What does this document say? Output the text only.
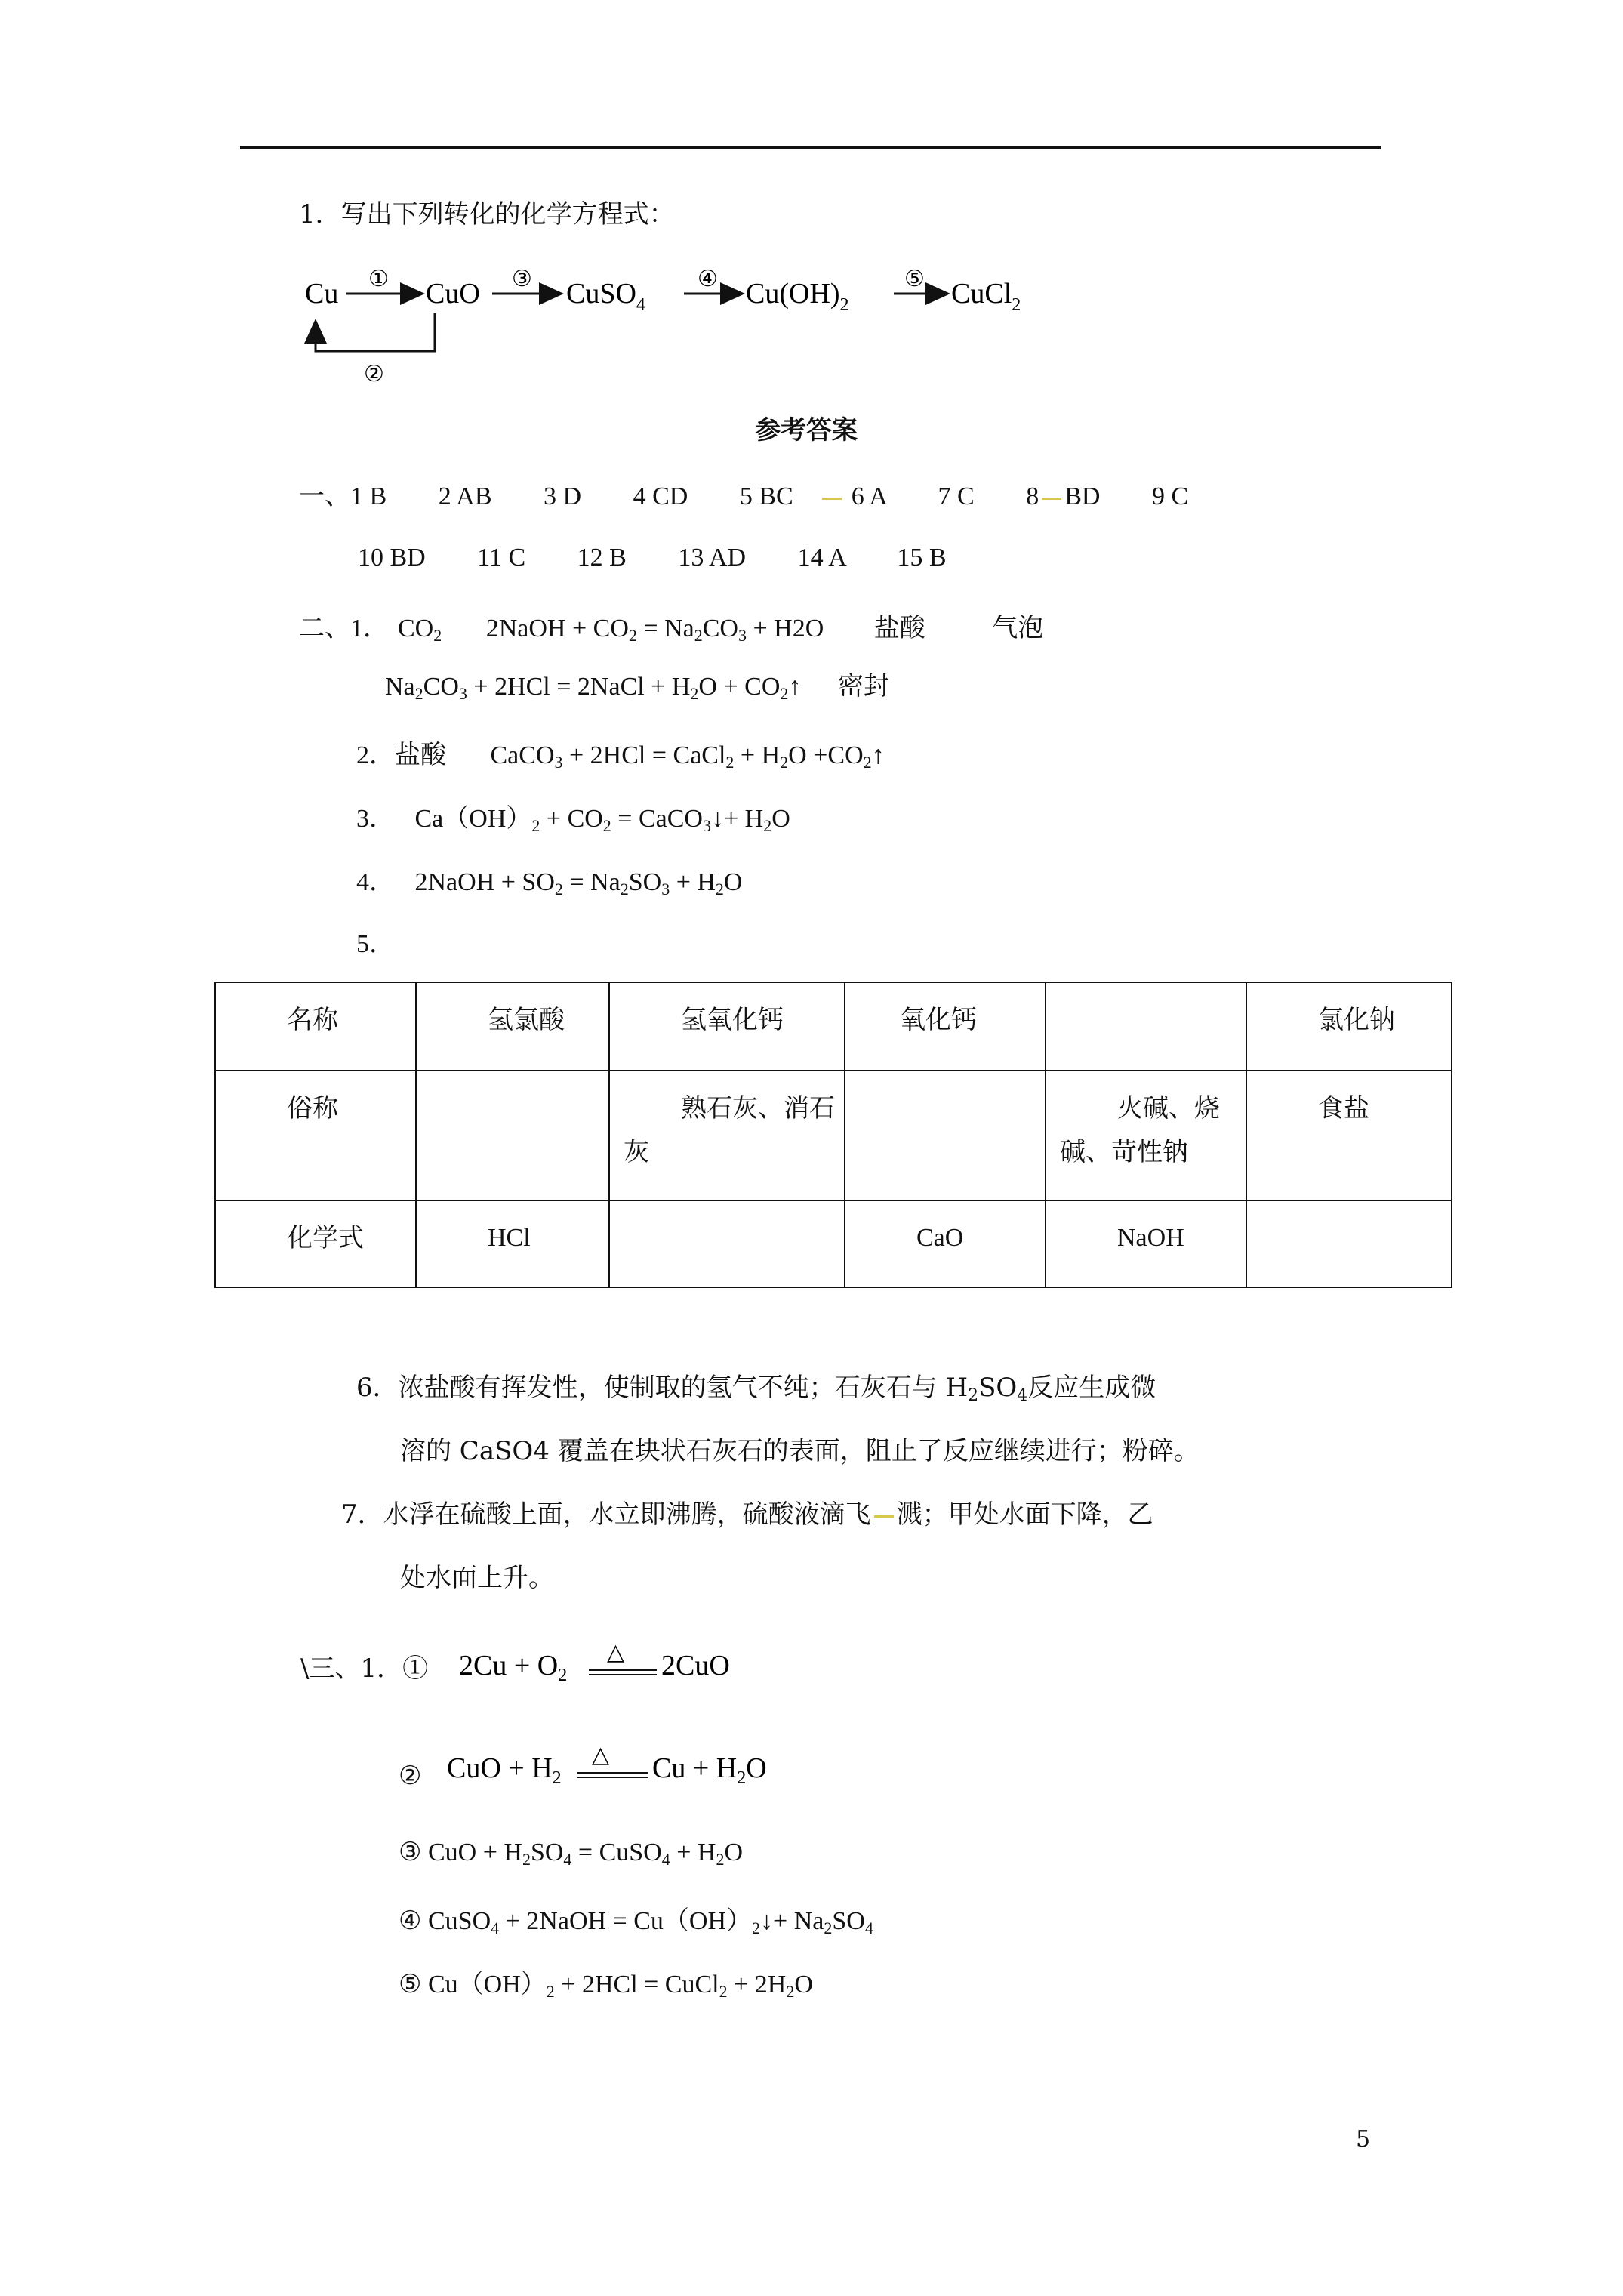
1．写出下列转化的化学方程式：
Cu ① CuO ③ CuSO$_4$
④ $Cu(OH)_2$
⑤ CuCl$_2$
②
参考答案
一、1 B 2 AB 3 D 4 CD 5 BC 6 A 7 C 8 BD 9 C
10 BD 11 C 12 B 13 AD 14 A 15 B
二、1． $CO_2$ 2NaOH + $CO_2 = Na_2CO_3 + H2O$ 盐酸	气泡
$Na_2CO_3 + 2HCl$ = 2NaCl + $H_2O$ + $CO_2↑$ 密封
2．盐酸 CaCO$_3$ + 2HCl = CaCl$_2$ + $H_2O$ $+CO_2↑$
3． $Ca(OH)_2 + CO_2$ = CaCO$_3$↓+ $H_2O$
4． 2NaOH + $SO_2 = Na_2SO_3 + H_2O$
5．
名称	氢氯酸	氢氧化钙	氧化钙		氯化钠
俗称		熟石灰、消石灰		火碱、烧碱、苛性钠	食盐
化学式	HCl		CaO	NaOH	
6．浓盐酸有挥发性，使制取的氢气不纯；石灰石与 $H_2SO_4$反应生成微
溶的 CaSO4 覆盖在块状石灰石的表面，阻止了反应继续进行；粉碎。
7．水浮在硫酸上面，水立即沸腾，硫酸液滴飞 溅；甲处水面下降，乙
处水面上升。
\三、1．① $2Cu + O_2$
△ 2CuO
② CuO + $H_2$
△ $Cu + H_2O$
③ CuO + $H_2SO_4$ = CuSO$_4$ + $H_2O$
④ CuSO$_4$ + 2NaOH = $Cu(OH)_2↓+ Na_2SO_4$
⑤ $Cu(OH)_2 + 2HCl$ = CuCl$_2$ + $2H_2O$
5
